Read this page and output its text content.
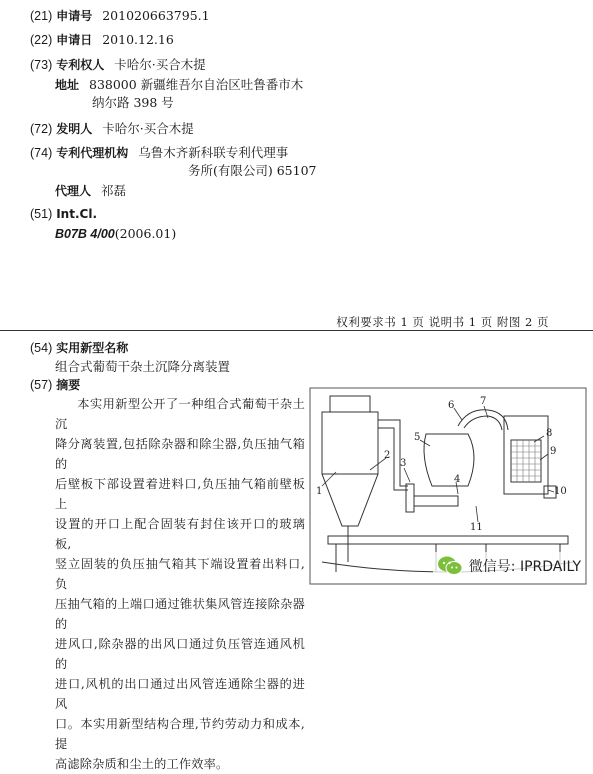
(21) 申请号 201020663795.1
(22) 申请日 2010.12.16
(73) 专利权人 卡哈尔·买合木提
地址 838000 新疆维吾尔自治区吐鲁番市木
纳尔路 398 号
(72) 发明人 卡哈尔·买合木提
(74) 专利代理机构 乌鲁木齐新科联专利代理事
务所(有限公司) 65107
代理人 祁磊
(51) Int.Cl.
B07B 4/00(2006.01)
权利要求书 1 页 说明书 1 页 附图 2 页
(54) 实用新型名称
组合式葡萄干杂土沉降分离装置
(57) 摘要
本实用新型公开了一种组合式葡萄干杂土沉
降分离装置,包括除杂器和除尘器,负压抽气箱的
后壁板下部设置着进料口,负压抽气箱前壁板上
设置的开口上配合固装有封住该开口的玻璃板,
竖立固装的负压抽气箱其下端设置着出料口,负
压抽气箱的上端口通过锥状集风管连接除杂器的
进风口,除杂器的出风口通过负压管连通风机的
进口,风机的出口通过出风管连通除尘器的进风
口。本实用新型结构合理,节约劳动力和成本,提
高滤除杂质和尘土的工作效率。
1
2
3
4
5
6	7
8
9
10
11
微信号: IPRDAILY
